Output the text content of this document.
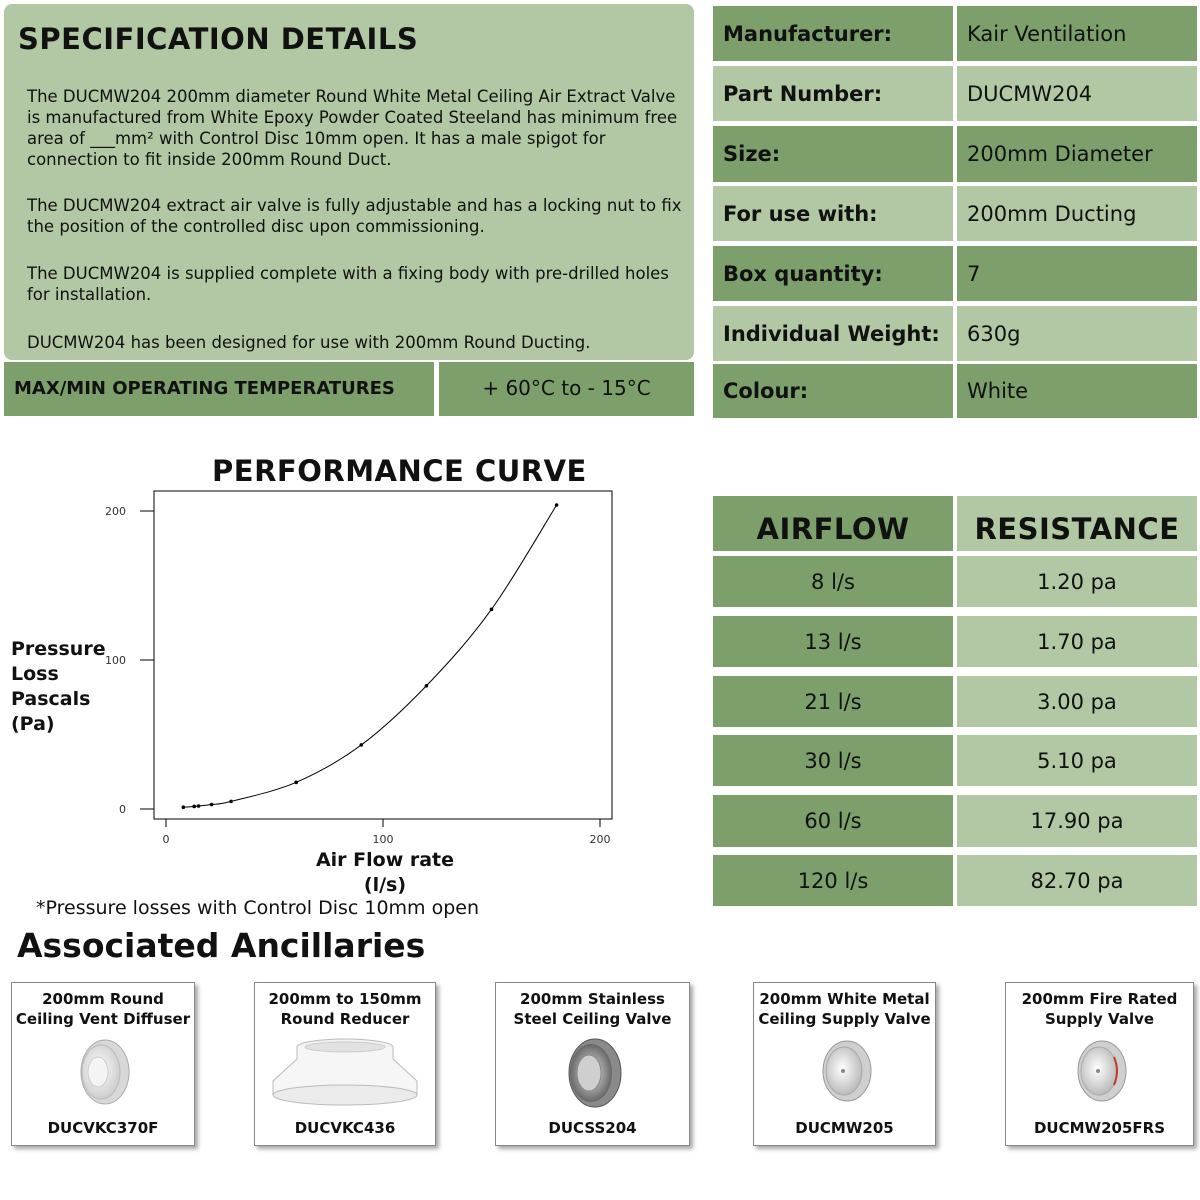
SPECIFICATION DETAILS
The DUCMW204 200mm diameter Round White Metal Ceiling Air Extract Valve is manufactured from White Epoxy Powder Coated Steeland has minimum free area of ___mm² with Control Disc 10mm open. It has a male spigot for connection to fit inside 200mm Round Duct.
The DUCMW204 extract air valve is fully adjustable and has a locking nut to fix the position of the controlled disc upon commissioning.
The DUCMW204 is supplied complete with a fixing body with pre-drilled holes for installation.
DUCMW204 has been designed for use with 200mm Round Ducting.
MAX/MIN OPERATING TEMPERATURES	+ 60°C to - 15°C
Manufacturer:	Kair Ventilation
Part Number:	DUCMW204
Size:	200mm Diameter
For use with:	200mm Ducting
Box quantity:	7
Individual Weight:	630g
Colour:	White
PERFORMANCE CURVE
Pressure
Loss
Pascals
(Pa)
Air Flow rate
(l/s)
0
100
200
0	100	200
*Pressure losses with Control Disc 10mm open
AIRFLOW	RESISTANCE
8 l/s	1.20 pa
13 l/s	1.70 pa
21 l/s	3.00 pa
30 l/s	5.10 pa
60 l/s	17.90 pa
120 l/s	82.70 pa
Associated Ancillaries
200mm Round Ceiling Vent Diffuser
DUCVKC370F
200mm to 150mm Round Reducer
DUCVKC436
200mm Stainless Steel Ceiling Valve
DUCSS204
200mm White Metal Ceiling Supply Valve
DUCMW205
200mm Fire Rated Supply Valve
DUCMW205FRS
